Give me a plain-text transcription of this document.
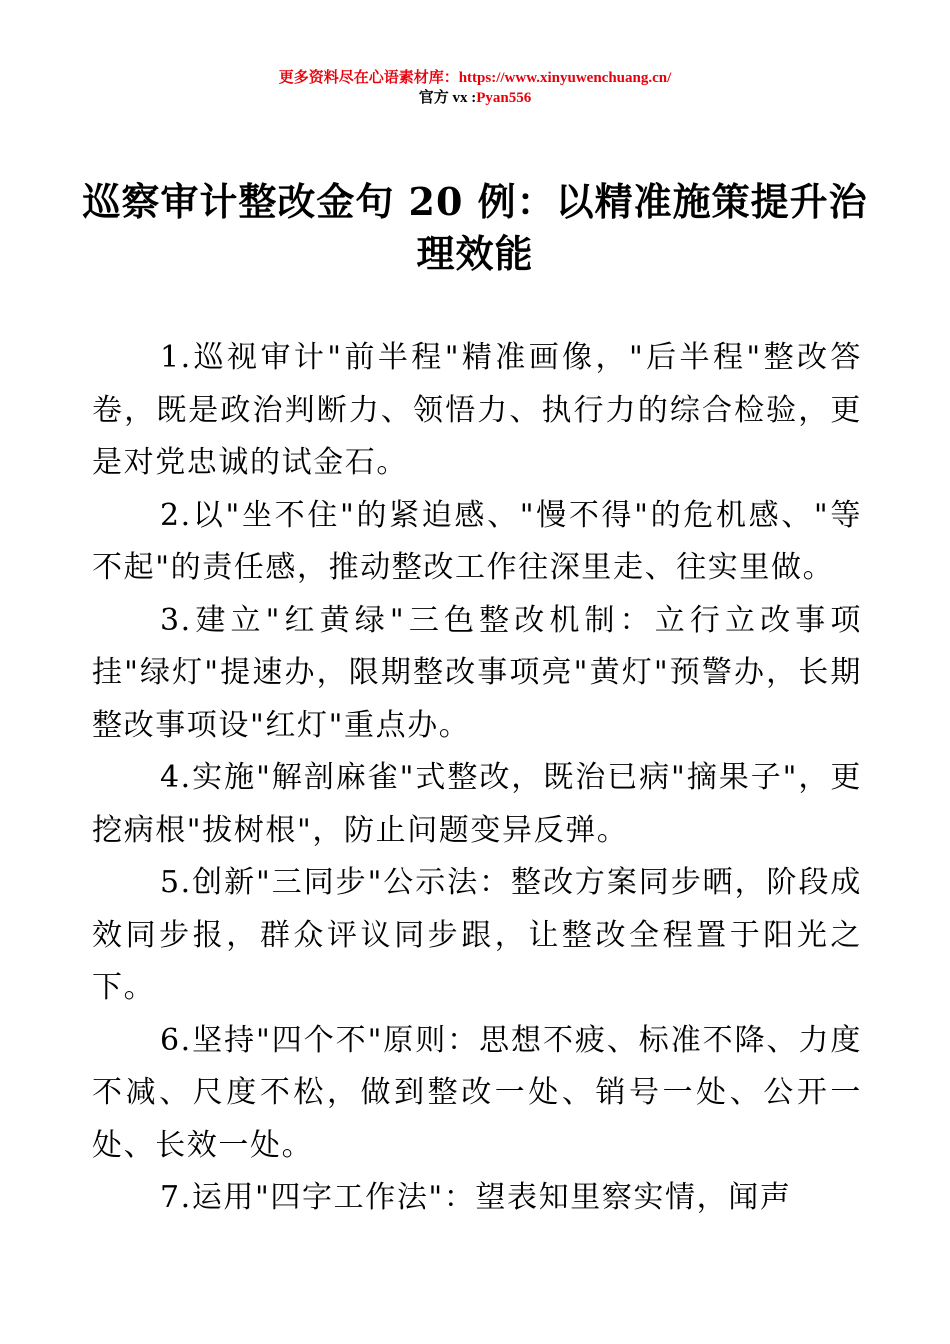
更多资料尽在心语素材库：https://www.xinyuwenchuang.cn/
官方 vx :Pyan556
巡察审计整改金句 20 例：以精准施策提升治理效能

1.巡视审计"前半程"精准画像，"后半程"整改答卷，既是政治判断力、领悟力、执行力的综合检验，更是对党忠诚的试金石。

2.以"坐不住"的紧迫感、"慢不得"的危机感、"等不起"的责任感，推动整改工作往深里走、往实里做。

3.建立"红黄绿"三色整改机制：立行立改事项挂"绿灯"提速办，限期整改事项亮"黄灯"预警办，长期整改事项设"红灯"重点办。

4.实施"解剖麻雀"式整改，既治已病"摘果子"，更挖病根"拔树根"，防止问题变异反弹。

5.创新"三同步"公示法：整改方案同步晒，阶段成效同步报，群众评议同步跟，让整改全程置于阳光之下。

6.坚持"四个不"原则：思想不疲、标准不降、力度不减、尺度不松，做到整改一处、销号一处、公开一处、长效一处。

7.运用"四字工作法"：望表知里察实情，闻声
